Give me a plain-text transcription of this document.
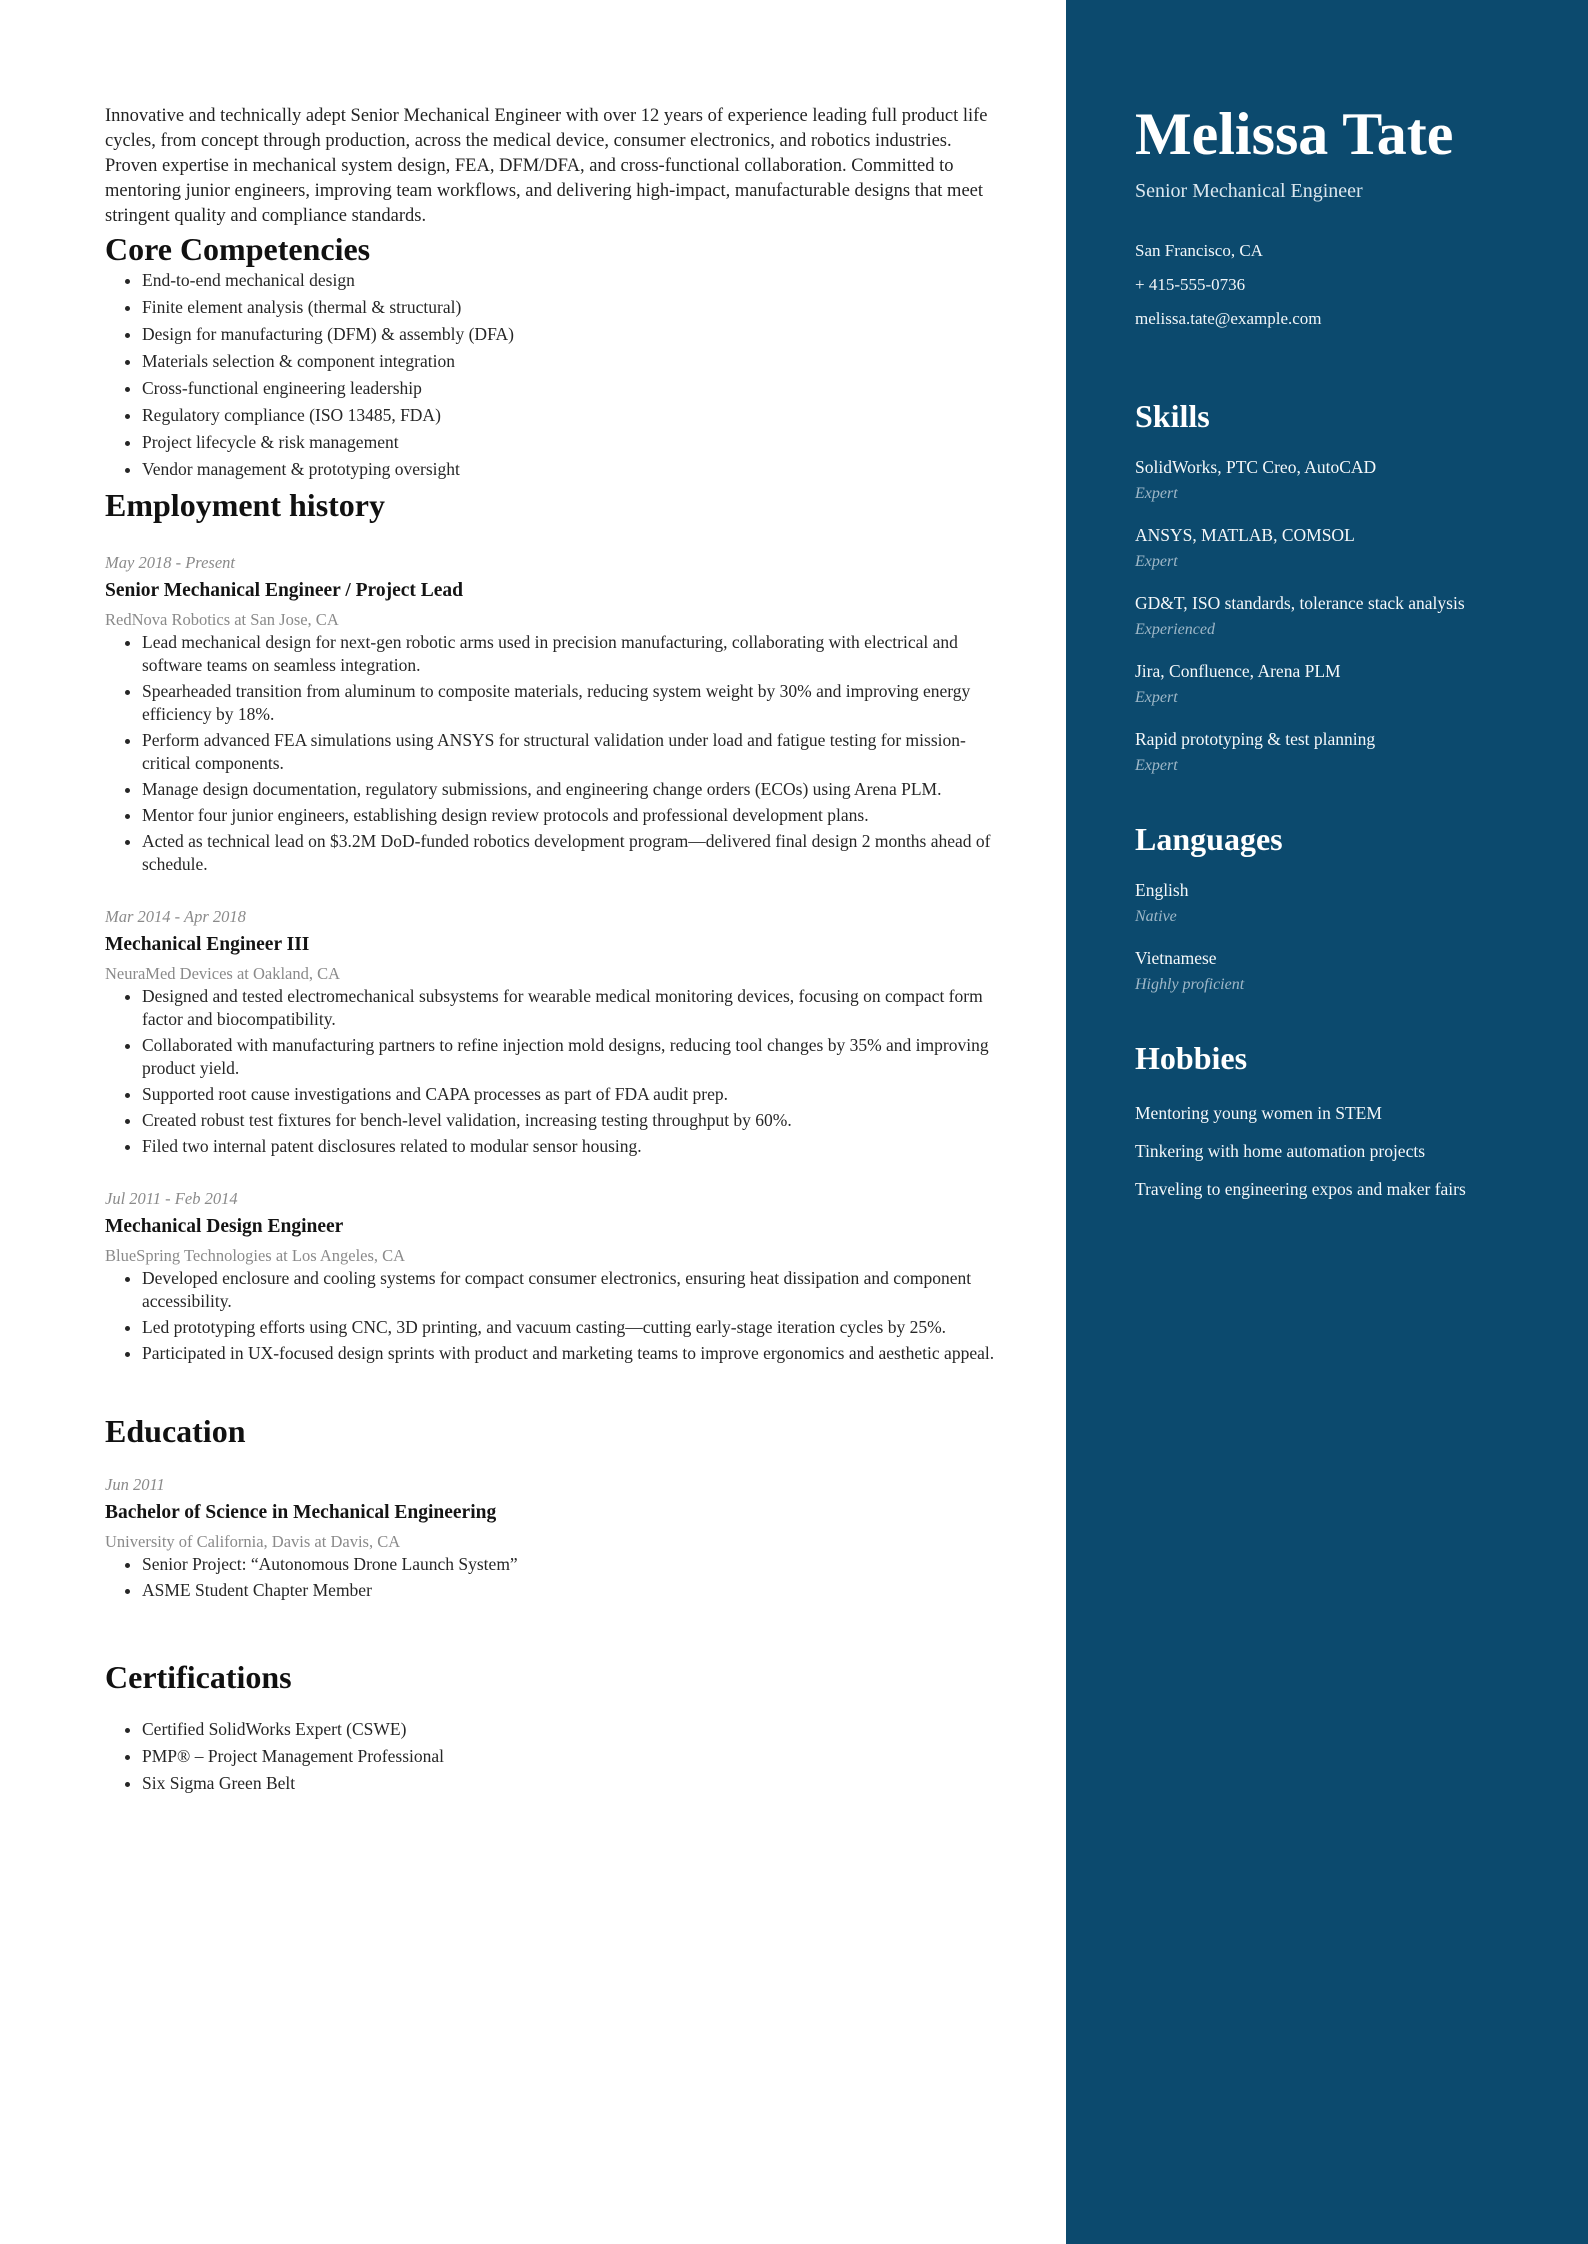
Innovative and technically adept Senior Mechanical Engineer with over 12 years of experience leading full product life cycles, from concept through production, across the medical device, consumer electronics, and robotics industries. Proven expertise in mechanical system design, FEA, DFM/DFA, and cross-functional collaboration. Committed to mentoring junior engineers, improving team workflows, and delivering high-impact, manufacturable designs that meet stringent quality and compliance standards.

Core Competencies
• End-to-end mechanical design
• Finite element analysis (thermal & structural)
• Design for manufacturing (DFM) & assembly (DFA)
• Materials selection & component integration
• Cross-functional engineering leadership
• Regulatory compliance (ISO 13485, FDA)
• Project lifecycle & risk management
• Vendor management & prototyping oversight
Employment history
May 2018 - Present
Senior Mechanical Engineer / Project Lead
RedNova Robotics at San Jose, CA
• Lead mechanical design for next-gen robotic arms used in precision manufacturing, collaborating with electrical and software teams on seamless integration.
• Spearheaded transition from aluminum to composite materials, reducing system weight by 30% and improving energy efficiency by 18%.
• Perform advanced FEA simulations using ANSYS for structural validation under load and fatigue testing for mission-critical components.
• Manage design documentation, regulatory submissions, and engineering change orders (ECOs) using Arena PLM.
• Mentor four junior engineers, establishing design review protocols and professional development plans.
• Acted as technical lead on $3.2M DoD-funded robotics development program—delivered final design 2 months ahead of schedule.
Mar 2014 - Apr 2018
Mechanical Engineer III
NeuraMed Devices at Oakland, CA
• Designed and tested electromechanical subsystems for wearable medical monitoring devices, focusing on compact form factor and biocompatibility.
• Collaborated with manufacturing partners to refine injection mold designs, reducing tool changes by 35% and improving product yield.
• Supported root cause investigations and CAPA processes as part of FDA audit prep.
• Created robust test fixtures for bench-level validation, increasing testing throughput by 60%.
• Filed two internal patent disclosures related to modular sensor housing.
Jul 2011 - Feb 2014
Mechanical Design Engineer
BlueSpring Technologies at Los Angeles, CA
• Developed enclosure and cooling systems for compact consumer electronics, ensuring heat dissipation and component accessibility.
• Led prototyping efforts using CNC, 3D printing, and vacuum casting—cutting early-stage iteration cycles by 25%.
• Participated in UX-focused design sprints with product and marketing teams to improve ergonomics and aesthetic appeal.
Education
Jun 2011
Bachelor of Science in Mechanical Engineering
University of California, Davis at Davis, CA
• Senior Project: “Autonomous Drone Launch System”
• ASME Student Chapter Member
Certifications
• Certified SolidWorks Expert (CSWE)
• PMP® – Project Management Professional
• Six Sigma Green Belt
Melissa Tate
Senior Mechanical Engineer
San Francisco, CA
+ 415-555-0736
melissa.tate@example.com
Skills
SolidWorks, PTC Creo, AutoCAD
Expert
ANSYS, MATLAB, COMSOL
Expert
GD&T, ISO standards, tolerance stack analysis
Experienced
Jira, Confluence, Arena PLM
Expert
Rapid prototyping & test planning
Expert
Languages
English
Native
Vietnamese
Highly proficient
Hobbies
Mentoring young women in STEM
Tinkering with home automation projects
Traveling to engineering expos and maker fairs
